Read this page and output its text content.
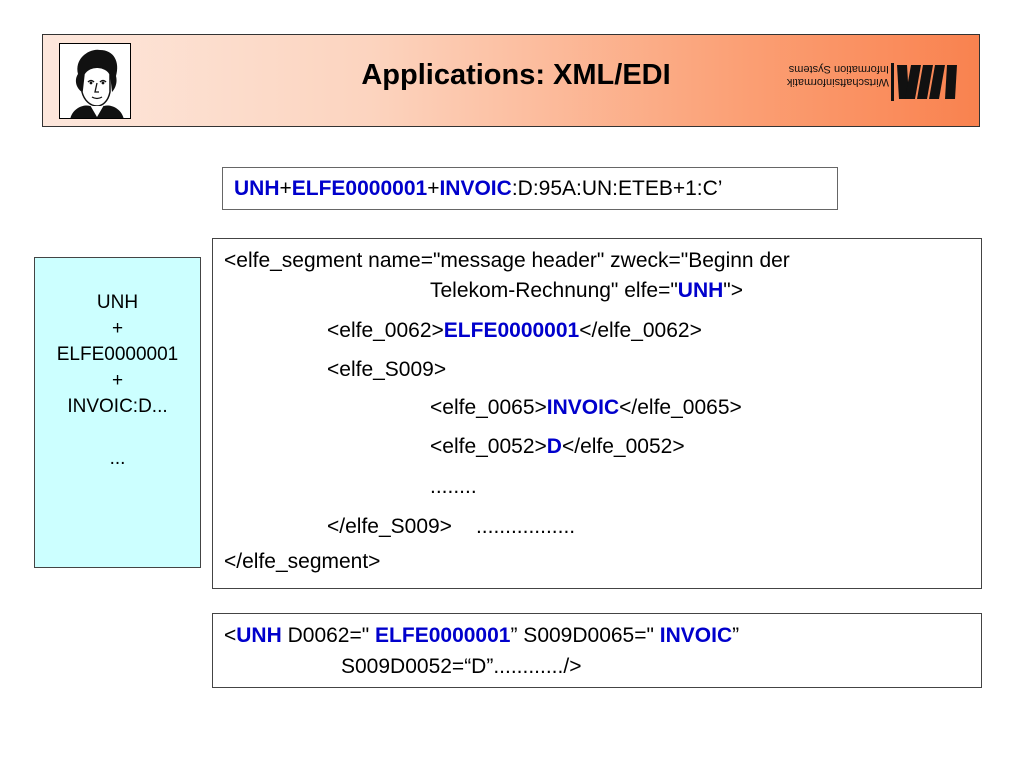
Applications: XML/EDI	Wirtschaftsinformatik
Information Systems
UNH+ELFE0000001+INVOIC:D:95A:UN:ETEB+1:C’
UNH
+
ELFE0000001
+
INVOIC:D...
...
<elfe_segment name="message header" zweck="Beginn der
Telekom-Rechnung" elfe="UNH">
<elfe_0062>ELFE0000001</elfe_0062>
<elfe_S009>
<elfe_0065>INVOIC</elfe_0065>
<elfe_0052>D</elfe_0052>
........
</elfe_S009> .................
</elfe_segment>
<UNH D0062=" ELFE0000001” S009D0065=" INVOIC”
S009D0052=“D”............/>
